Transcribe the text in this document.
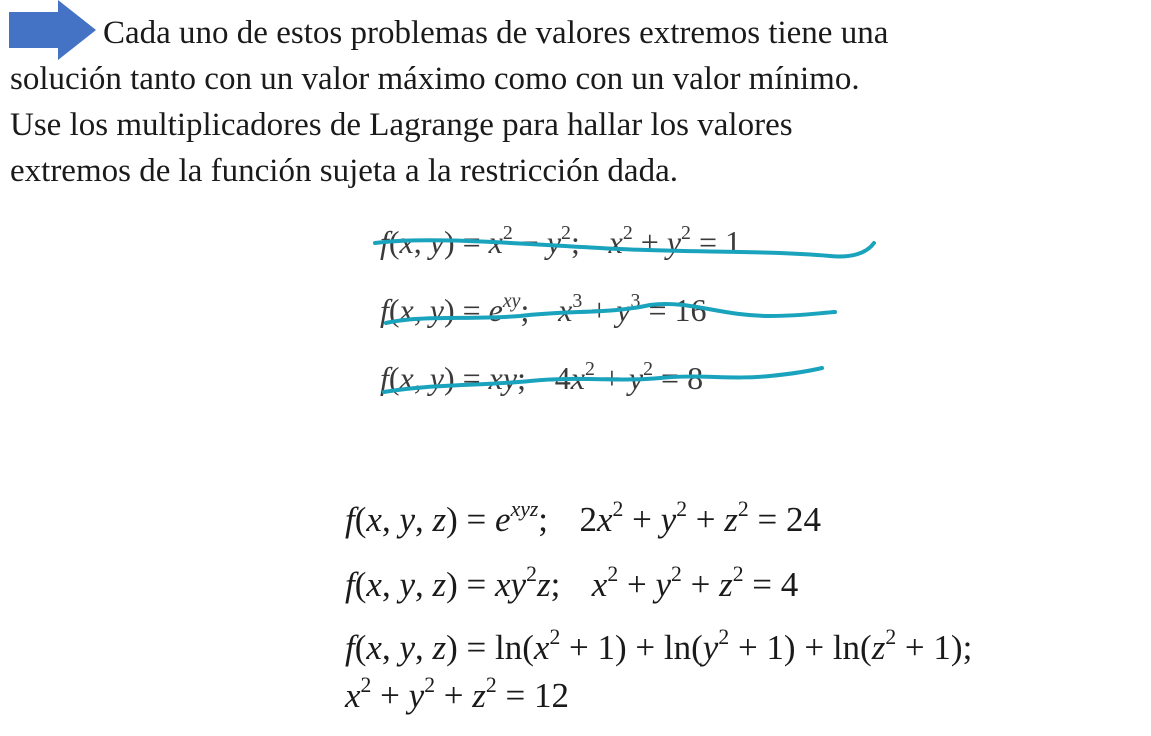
Cada uno de estos problemas de valores extremos tiene una
solución tanto con un valor máximo como con un valor mínimo.
Use los multiplicadores de Lagrange para hallar los valores
extremos de la función sujeta a la restricción dada.
f(x, $y) = x^2 - y^2$; $x^2 + y^2 = 1$
f(x, $y) = e^{xy}$; $x^3 + y^3 = 16$
f(x, y) = xy; $4x^2 + y^2 = 8$
f(x, y, $z) = e^{xyz}$; $2x^2 + y^2 + z^2 = 24$
f(x, y, $z) = xy^2z$; $x^2 + y^2 + z^2 = 4$
f(x, y, $z) = \ln(x^2 + 1) + \ln(y^2 + 1) + \ln(z^2 + 1)$;
$x^2 + y^2 + z^2 = 12$
